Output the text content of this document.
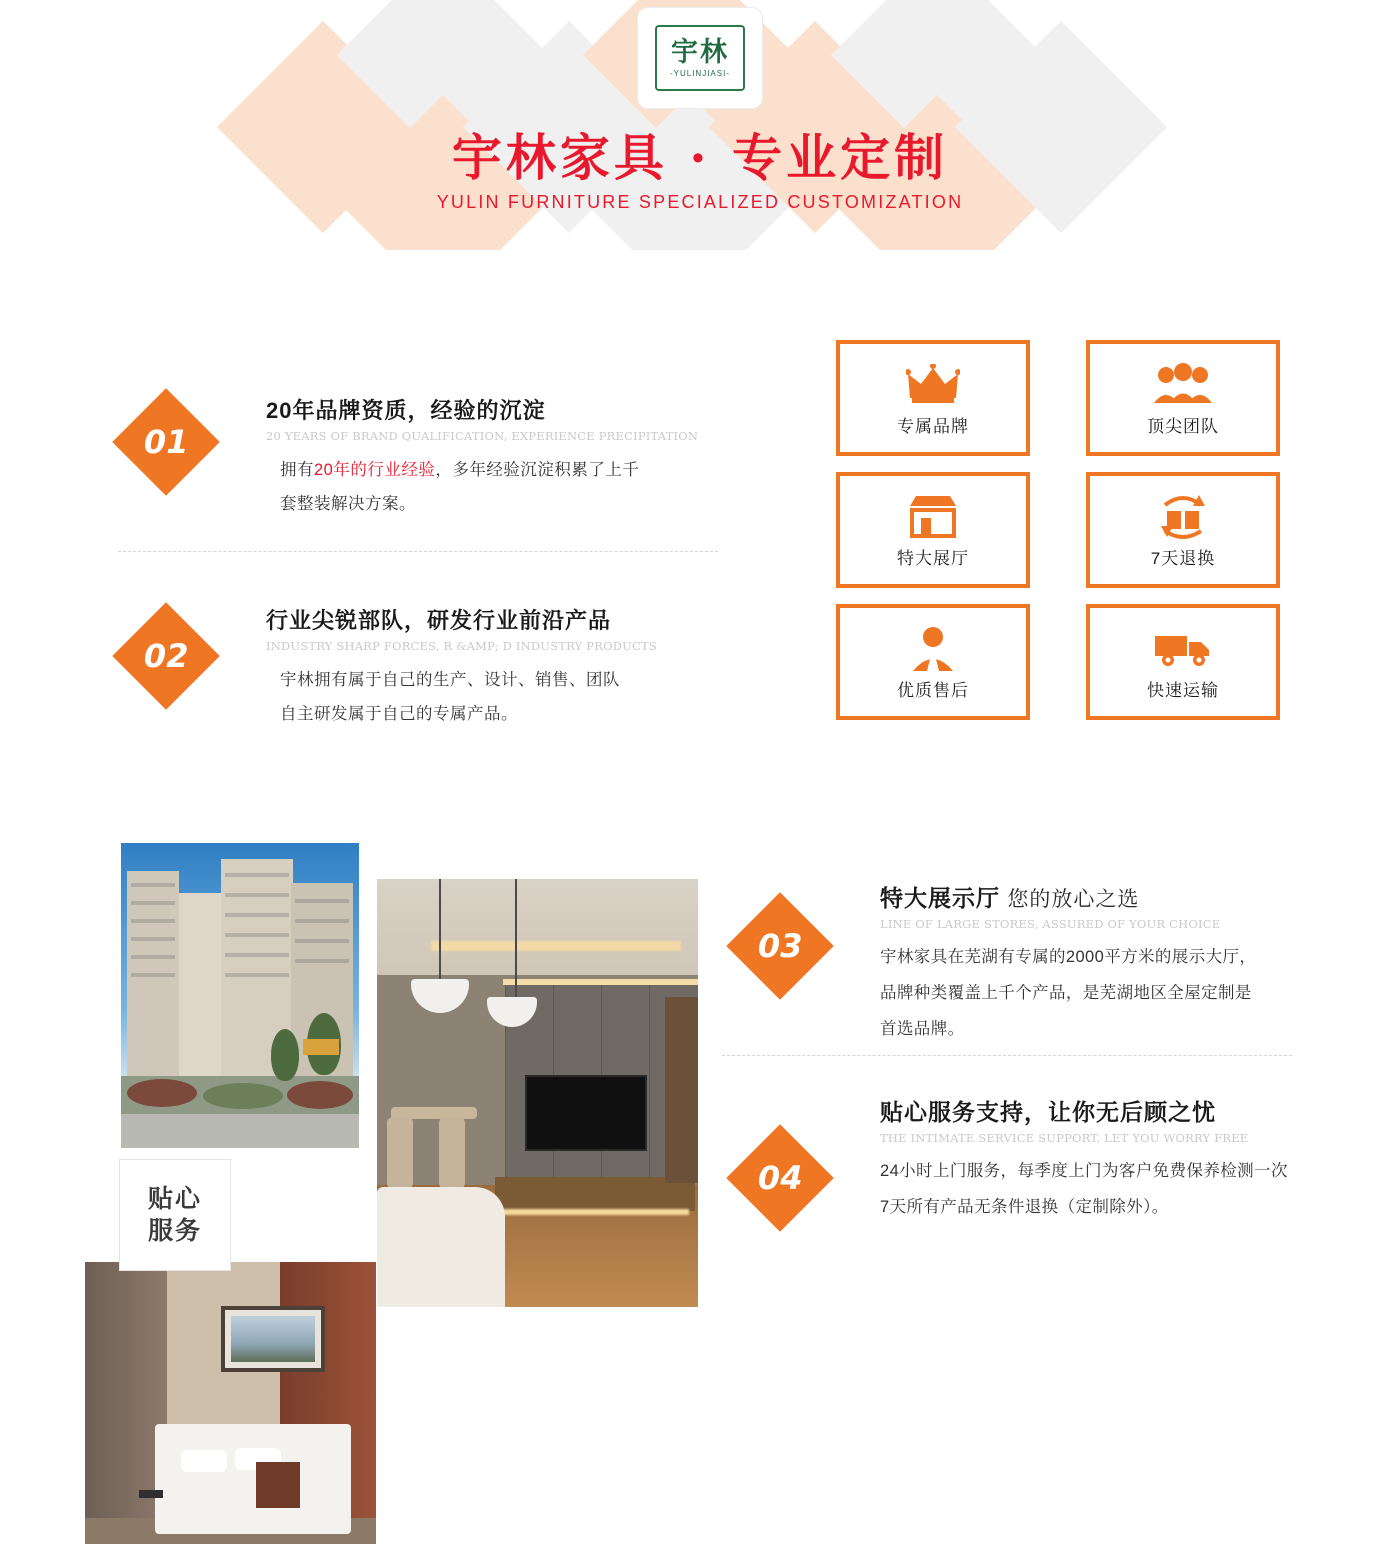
宇林
-YULINJIASI-
宇林家具 · 专业定制
YULIN FURNITURE SPECIALIZED CUSTOMIZATION
01
20年品牌资质，经验的沉淀
20 YEARS OF BRAND QUALIFICATION, EXPERIENCE PRECIPITATION
拥有20年的行业经验，多年经验沉淀积累了上千
套整装解决方案。
02
行业尖锐部队，研发行业前沿产品
INDUSTRY SHARP FORCES, R &AMP; D INDUSTRY PRODUCTS
宇林拥有属于自己的生产、设计、销售、团队
自主研发属于自己的专属产品。
专属品牌	顶尖团队
特大展厅	7天退换
优质售后	快速运输
贴心
服务
03
特大展示厅 您的放心之选
LINE OF LARGE STORES, ASSURED OF YOUR CHOICE
宇林家具在芜湖有专属的2000平方米的展示大厅，
品牌种类覆盖上千个产品，是芜湖地区全屋定制是
首选品牌。
04
贴心服务支持，让你无后顾之忧
THE INTIMATE SERVICE SUPPORT, LET YOU WORRY FREE
24小时上门服务，每季度上门为客户免费保养检测一次
7天所有产品无条件退换（定制除外）。
